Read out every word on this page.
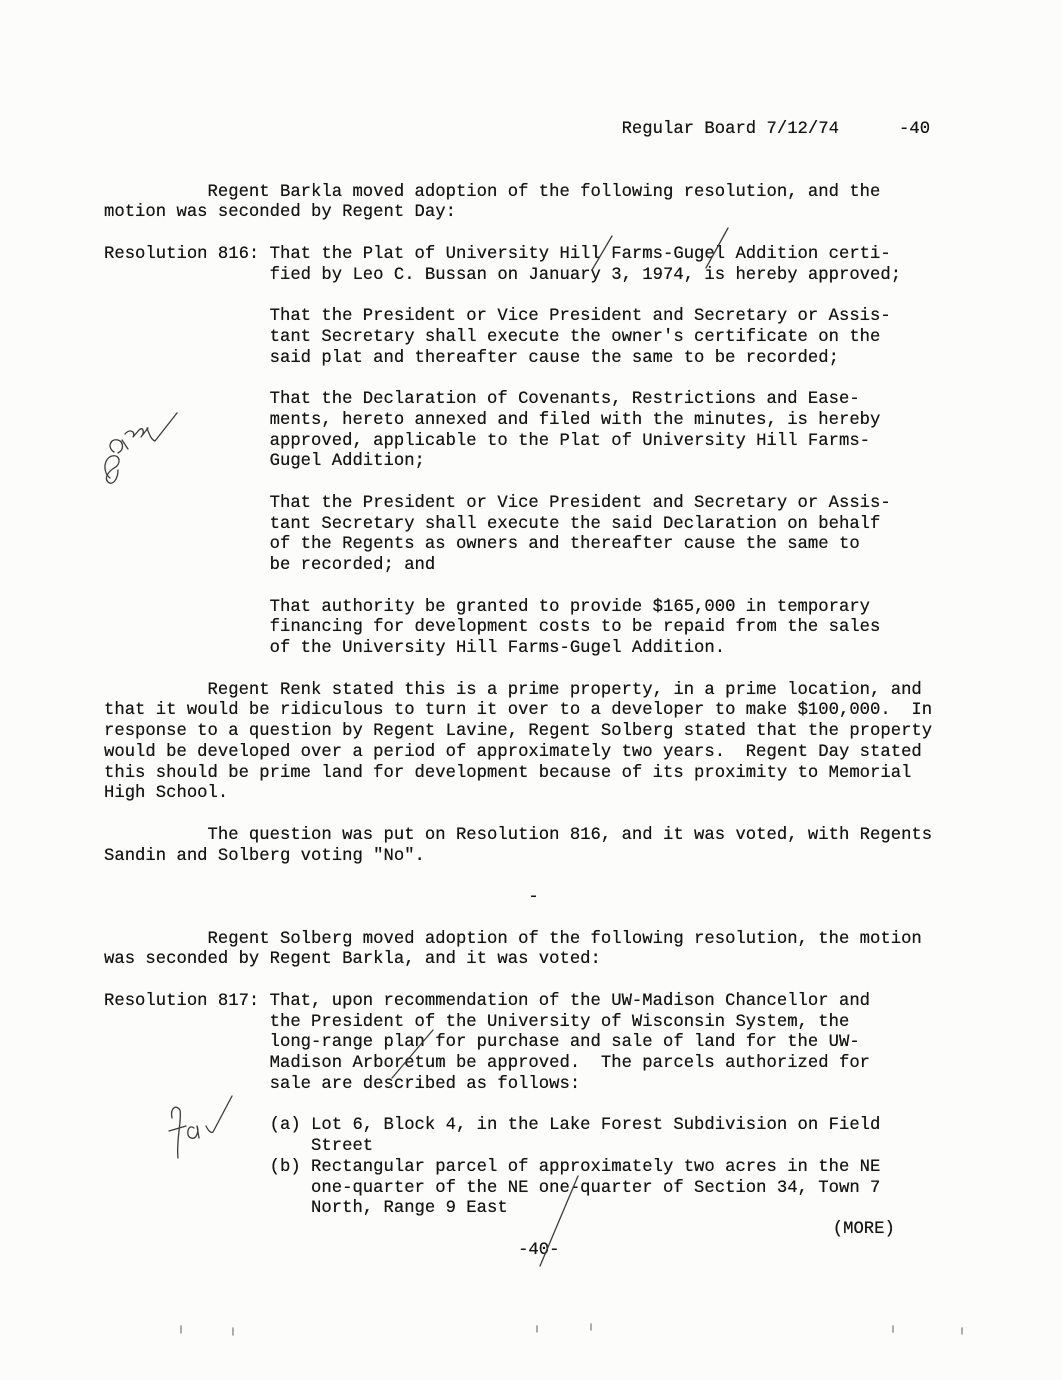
Regular Board 7/12/74

	-40

Regent Barkla moved adoption of the following resolution, and the
motion was seconded by Regent Day:
Resolution 816: That the Plat of University Hill Farms-Gugel Addition certi-
fied by Leo C. Bussan on January 3, 1974, is hereby approved;
That the President or Vice President and Secretary or Assis-
tant Secretary shall execute the owner's certificate on the
said plat and thereafter cause the same to be recorded;
That the Declaration of Covenants, Restrictions and Ease-
ments, hereto annexed and filed with the minutes, is hereby
approved, applicable to the Plat of University Hill Farms-
Gugel Addition;
That the President or Vice President and Secretary or Assis-
tant Secretary shall execute the said Declaration on behalf
of the Regents as owners and thereafter cause the same to
be recorded; and
That authority be granted to provide $165,000 in temporary
financing for development costs to be repaid from the sales
of the University Hill Farms-Gugel Addition.
Regent Renk stated this is a prime property, in a prime location, and
that it would be ridiculous to turn it over to a developer to make $100,000.  In
response to a question by Regent Lavine, Regent Solberg stated that the property
would be developed over a period of approximately two years.  Regent Day stated
this should be prime land for development because of its proximity to Memorial
High School.
The question was put on Resolution 816, and it was voted, with Regents
Sandin and Solberg voting "No".
-
Regent Solberg moved adoption of the following resolution, the motion
was seconded by Regent Barkla, and it was voted:
Resolution 817: That, upon recommendation of the UW-Madison Chancellor and
the President of the University of Wisconsin System, the
long-range plan for purchase and sale of land for the UW-
Madison Arboretum be approved.  The parcels authorized for
sale are described as follows:
(a) Lot 6, Block 4, in the Lake Forest Subdivision on Field
Street
(b) Rectangular parcel of approximately two acres in the NE
one-quarter of the NE one-quarter of Section 34, Town 7
North, Range 9 East
(MORE)
-40-
